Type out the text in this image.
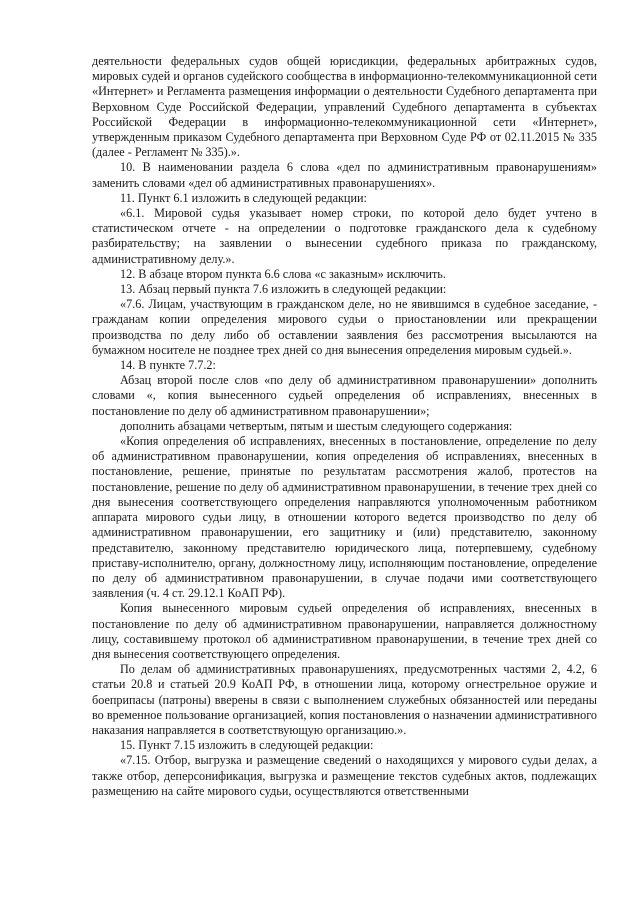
деятельности федеральных судов общей юрисдикции, федеральных арбитражных судов, мировых судей и органов судейского сообщества в информационно-телекоммуникационной сети «Интернет» и Регламента размещения информации о деятельности Судебного департамента при Верховном Суде Российской Федерации, управлений Судебного департамента в субъектах Российской Федерации в информационно-телекоммуникационной сети «Интернет», утвержденным приказом Судебного департамента при Верховном Суде РФ от 02.11.2015 № 335 (далее - Регламент № 335).».

10. В наименовании раздела 6 слова «дел по административным правонарушениям» заменить словами «дел об административных правонарушениях».

11. Пункт 6.1 изложить в следующей редакции:

«6.1. Мировой судья указывает номер строки, по которой дело будет учтено в статистическом отчете - на определении о подготовке гражданского дела к судебному разбирательству; на заявлении о вынесении судебного приказа по гражданскому, административному делу.».

12. В абзаце втором пункта 6.6 слова «с заказным» исключить.

13. Абзац первый пункта 7.6 изложить в следующей редакции:

«7.6. Лицам, участвующим в гражданском деле, но не явившимся в судебное заседание, - гражданам копии определения мирового судьи о приостановлении или прекращении производства по делу либо об оставлении заявления без рассмотрения высылаются на бумажном носителе не позднее трех дней со дня вынесения определения мировым судьей.».

14. В пункте 7.7.2:

Абзац второй после слов «по делу об административном правонарушении» дополнить словами «, копия вынесенного судьей определения об исправлениях, внесенных в постановление по делу об административном правонарушении»;

дополнить абзацами четвертым, пятым и шестым следующего содержания:

«Копия определения об исправлениях, внесенных в постановление, определение по делу об административном правонарушении, копия определения об исправлениях, внесенных в постановление, решение, принятые по результатам рассмотрения жалоб, протестов на постановление, решение по делу об административном правонарушении, в течение трех дней со дня вынесения соответствующего определения направляются уполномоченным работником аппарата мирового судьи лицу, в отношении которого ведется производство по делу об административном правонарушении, его защитнику и (или) представителю, законному представителю, законному представителю юридического лица, потерпевшему, судебному приставу-исполнителю, органу, должностному лицу, исполняющим постановление, определение по делу об административном правонарушении, в случае подачи ими соответствующего заявления (ч. 4 ст. 29.12.1 КоАП РФ).

Копия вынесенного мировым судьей определения об исправлениях, внесенных в постановление по делу об административном правонарушении, направляется должностному лицу, составившему протокол об административном правонарушении, в течение трех дней со дня вынесения соответствующего определения.

По делам об административных правонарушениях, предусмотренных частями 2, 4.2, 6 статьи 20.8 и статьей 20.9 КоАП РФ, в отношении лица, которому огнестрельное оружие и боеприпасы (патроны) вверены в связи с выполнением служебных обязанностей или переданы во временное пользование организацией, копия постановления о назначении административного наказания направляется в соответствующую организацию.».

15. Пункт 7.15 изложить в следующей редакции:

«7.15. Отбор, выгрузка и размещение сведений о находящихся у мирового судьи делах, а также отбор, деперсонификация, выгрузка и размещение текстов судебных актов, подлежащих размещению на сайте мирового судьи, осуществляются ответственными
